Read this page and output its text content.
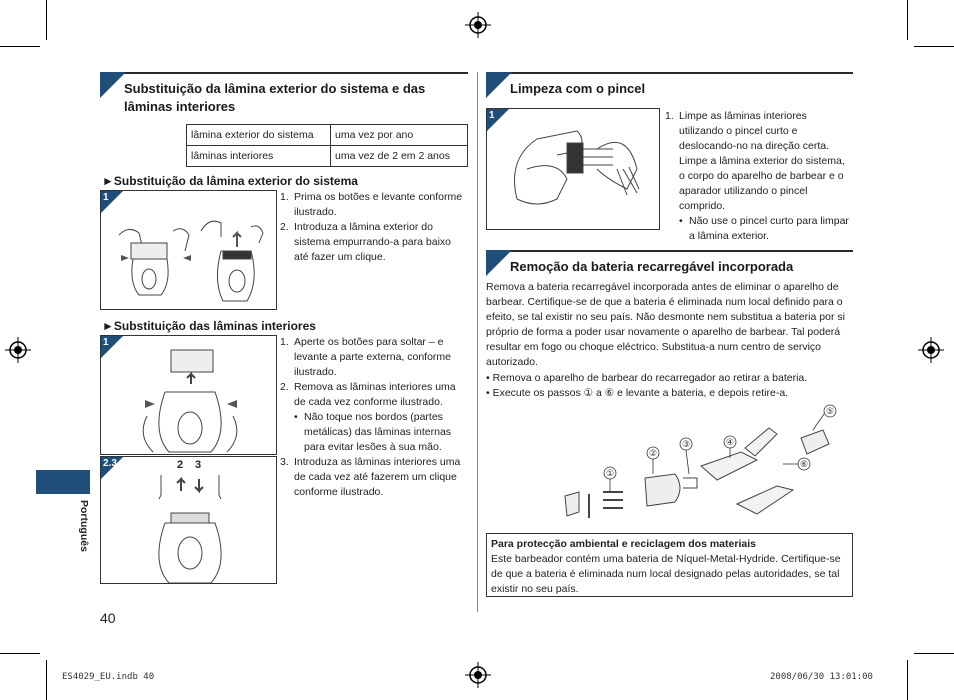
Substituição da lâmina exterior do sistema e das lâminas interiores
lâmina exterior do sistema	uma vez por ano
lâminas interiores	uma vez de 2 em 2 anos
►Substituição da lâmina exterior do sistema
1	1. Prima os botões e levante conforme ilustrado.
2. Introduza a lâmina exterior do sistema empurrando-a para baixo até fazer um clique.
►Substituição das lâminas interiores
1
2.3	2 3
1. Aperte os botões para soltar – e levante a parte externa, conforme ilustrado.
2. Remova as lâminas interiores uma de cada vez conforme ilustrado.
• Não toque nos bordos (partes metálicas) das lâminas internas para evitar lesões à sua mão.
3. Introduza as lâminas interiores uma de cada vez até fazerem um clique conforme ilustrado.
Limpeza com o pincel
1	1. Limpe as lâminas interiores utilizando o pincel curto e deslocando-no na direção certa. Limpe a lâmina exterior do sistema, o corpo do aparelho de barbear e o aparador utilizando o pincel comprido.
• Não use o pincel curto para limpar a lâmina exterior.
Remoção da bateria recarregável incorporada
Remova a bateria recarregável incorporada antes de eliminar o aparelho de barbear. Certifique-se de que a bateria é eliminada num local definido para o efeito, se tal existir no seu país. Não desmonte nem substitua a bateria por si próprio de forma a poder usar novamente o aparelho de barbear. Tal poderá resultar em fogo ou choque eléctrico. Substitua-a num centro de serviço autorizado.
• Remova o aparelho de barbear do recarregador ao retirar a bateria.
• Execute os passos ① a ⑥ e levante a bateria, e depois retire-a.
①
②
③	④
⑤
⑥
Para protecção ambiental e reciclagem dos materiais
Este barbeador contém uma bateria de Níquel-Metal-Hydride. Certifique-se de que a bateria é eliminada num local designado pelas autoridades, se tal existir no seu país.
Português
40
ES4029_EU.indb 40	2008/06/30 13:01:00
